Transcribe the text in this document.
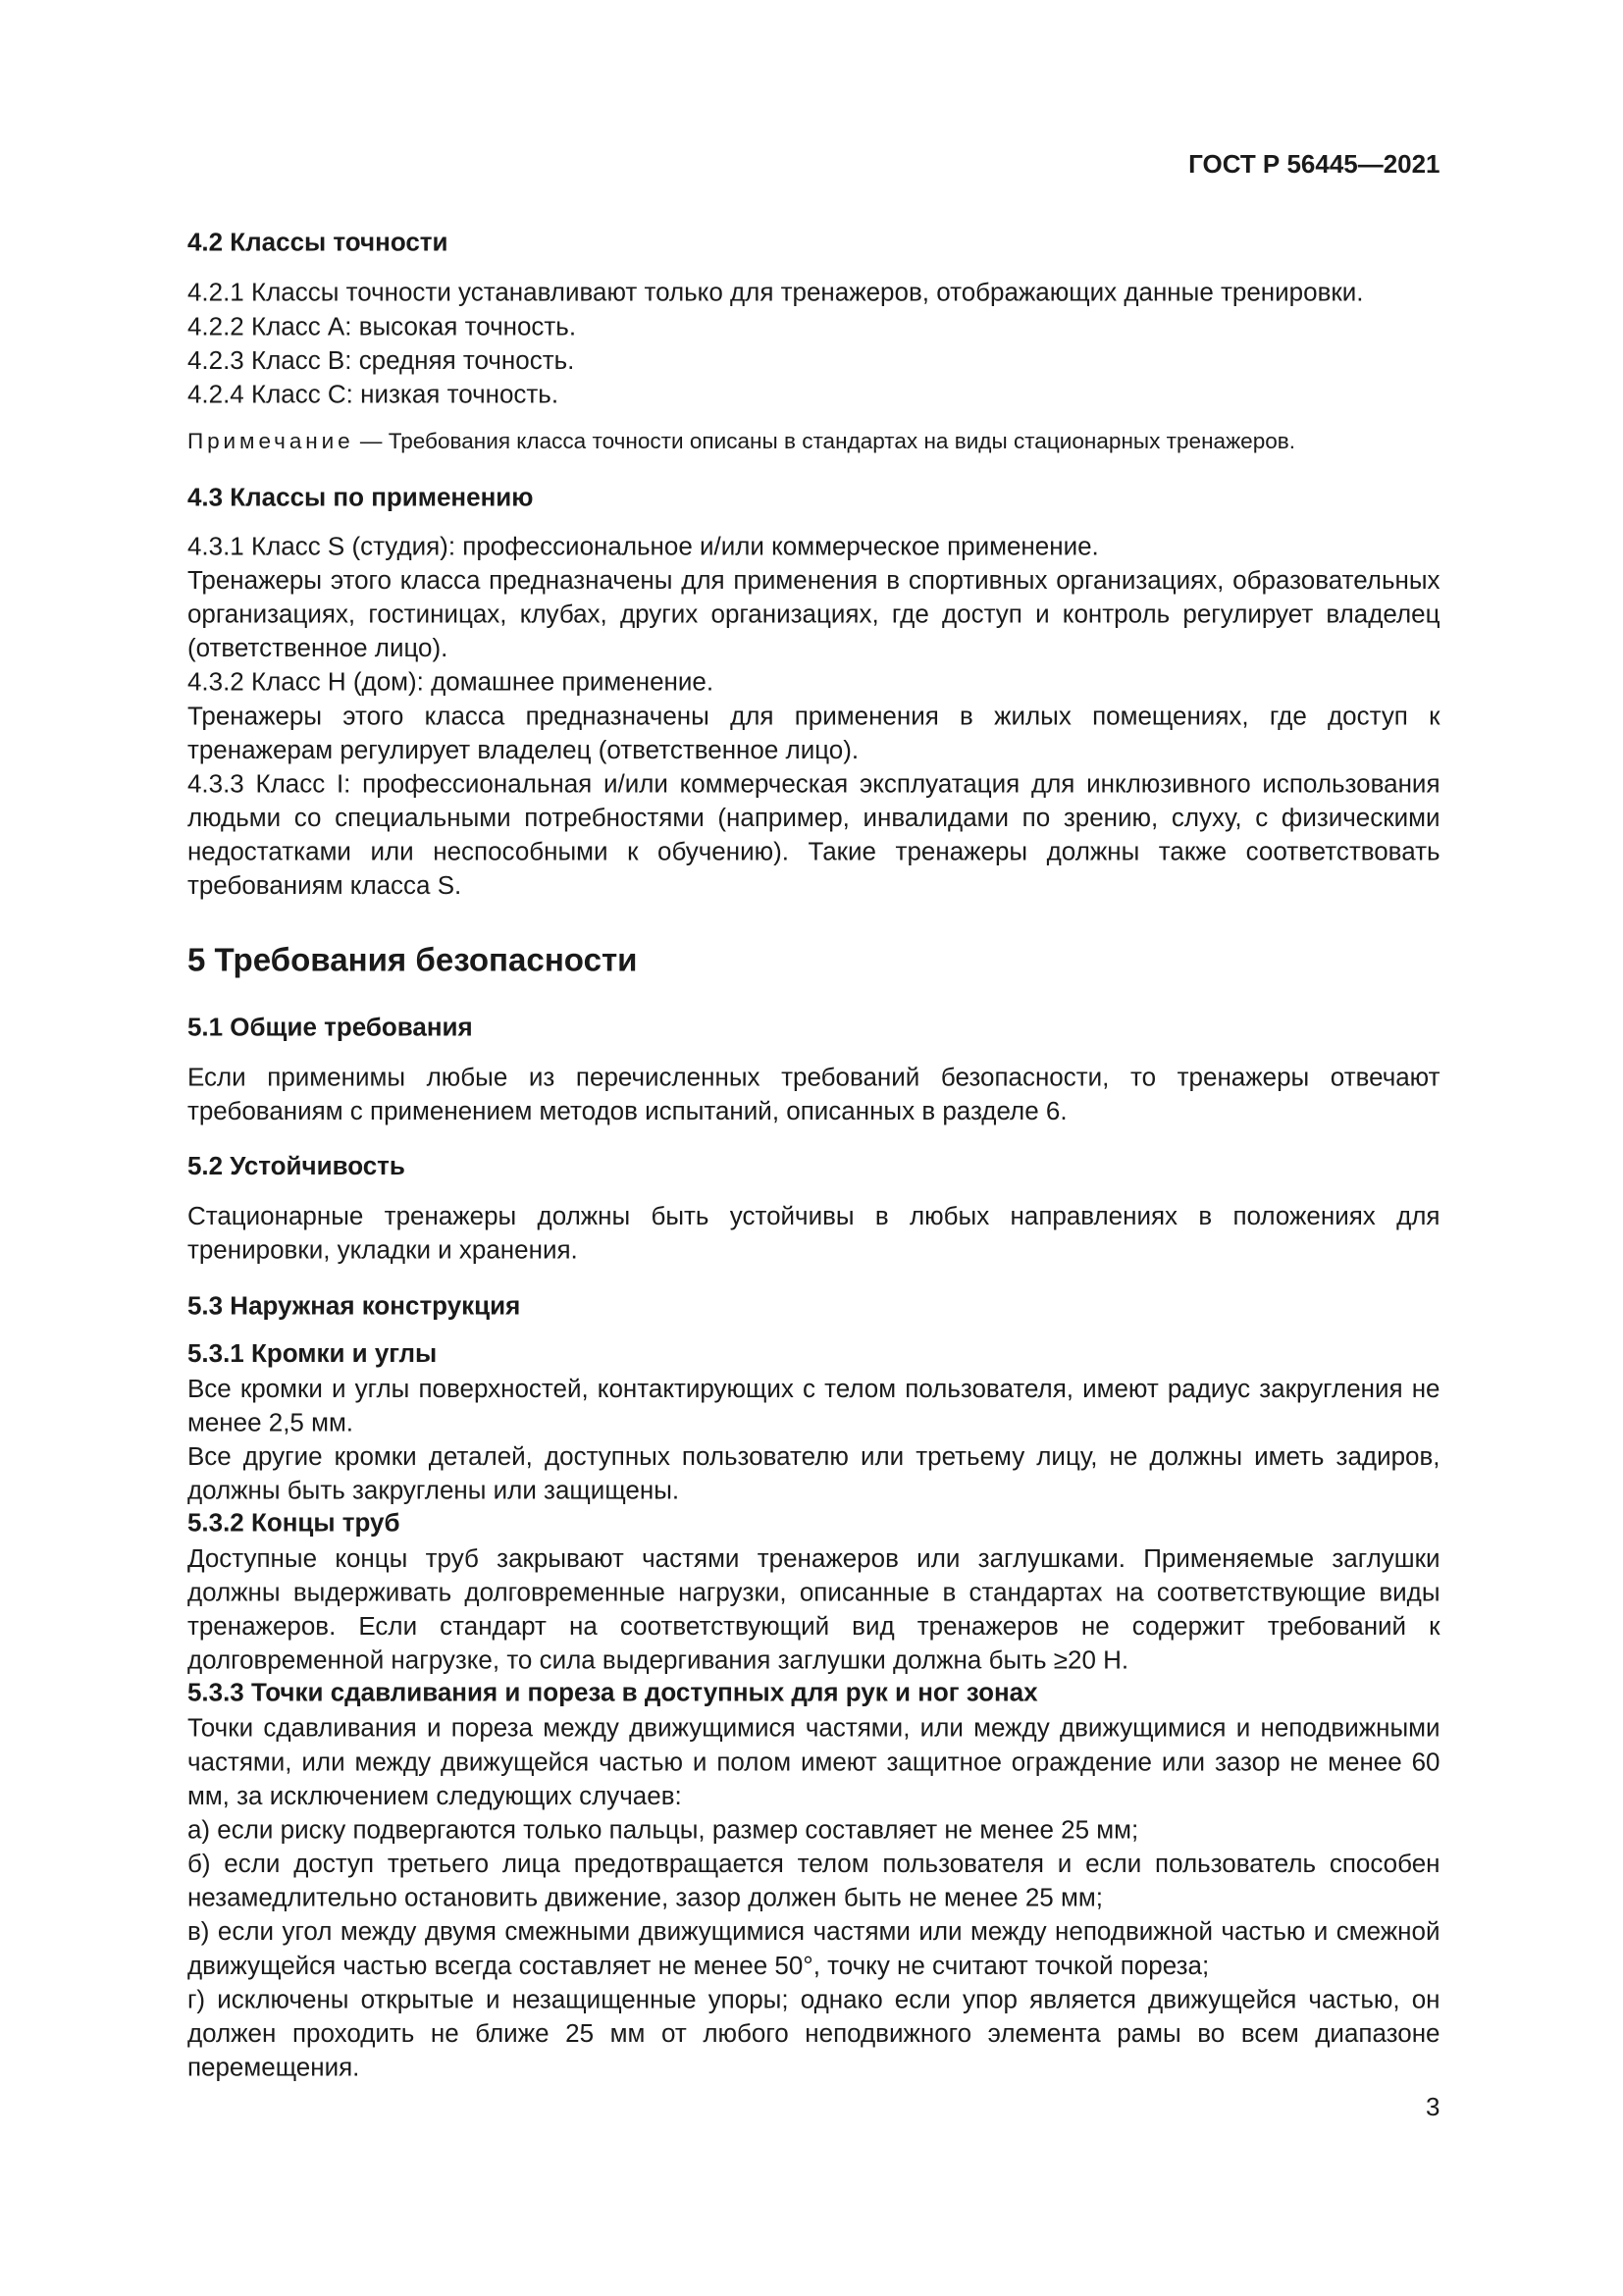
ГОСТ Р 56445—2021
4.2 Классы точности
4.2.1 Классы точности устанавливают только для тренажеров, отображающих данные тренировки.
4.2.2 Класс А: высокая точность.
4.2.3 Класс В: средняя точность.
4.2.4 Класс С: низкая точность.
Примечание — Требования класса точности описаны в стандартах на виды стационарных тренажеров.
4.3 Классы по применению
4.3.1 Класс S (студия): профессиональное и/или коммерческое применение.
Тренажеры этого класса предназначены для применения в спортивных организациях, образовательных организациях, гостиницах, клубах, других организациях, где доступ и контроль регулирует владелец (ответственное лицо).
4.3.2 Класс Н (дом): домашнее применение.
Тренажеры этого класса предназначены для применения в жилых помещениях, где доступ к тренажерам регулирует владелец (ответственное лицо).
4.3.3 Класс I: профессиональная и/или коммерческая эксплуатация для инклюзивного использования людьми со специальными потребностями (например, инвалидами по зрению, слуху, с физическими недостатками или неспособными к обучению). Такие тренажеры должны также соответствовать требованиям класса S.
5 Требования безопасности
5.1 Общие требования
Если применимы любые из перечисленных требований безопасности, то тренажеры отвечают требованиям с применением методов испытаний, описанных в разделе 6.
5.2 Устойчивость
Стационарные тренажеры должны быть устойчивы в любых направлениях в положениях для тренировки, укладки и хранения.
5.3 Наружная конструкция
5.3.1 Кромки и углы
Все кромки и углы поверхностей, контактирующих с телом пользователя, имеют радиус закругления не менее 2,5 мм.
Все другие кромки деталей, доступных пользователю или третьему лицу, не должны иметь задиров, должны быть закруглены или защищены.
5.3.2 Концы труб
Доступные концы труб закрывают частями тренажеров или заглушками. Применяемые заглушки должны выдерживать долговременные нагрузки, описанные в стандартах на соответствующие виды тренажеров. Если стандарт на соответствующий вид тренажеров не содержит требований к долговременной нагрузке, то сила выдергивания заглушки должна быть ≥20 Н.
5.3.3 Точки сдавливания и пореза в доступных для рук и ног зонах
Точки сдавливания и пореза между движущимися частями, или между движущимися и неподвижными частями, или между движущейся частью и полом имеют защитное ограждение или зазор не менее 60 мм, за исключением следующих случаев:
а) если риску подвергаются только пальцы, размер составляет не менее 25 мм;
б) если доступ третьего лица предотвращается телом пользователя и если пользователь способен незамедлительно остановить движение, зазор должен быть не менее 25 мм;
в) если угол между двумя смежными движущимися частями или между неподвижной частью и смежной движущейся частью всегда составляет не менее 50°, точку не считают точкой пореза;
г) исключены открытые и незащищенные упоры; однако если упор является движущейся частью, он должен проходить не ближе 25 мм от любого неподвижного элемента рамы во всем диапазоне перемещения.
3
